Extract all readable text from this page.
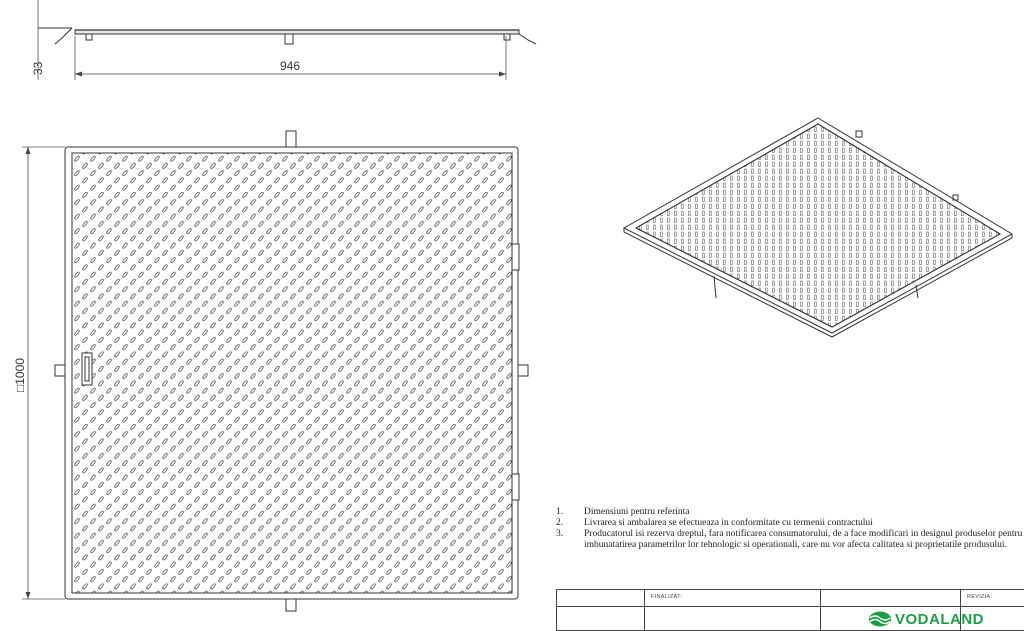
946
33
□1000
1. Dimensiuni pentru referinta
2. Livrarea si ambalarea se efectueaza in conformitate cu termenii contractului
3. Producatorul isi rezerva dreptul, fara notificarea consumatorului, de a face modificari in designul produselor pentru imbunatatirea parametrilor lor tehnologic si operationali, care nu vor afecta calitatea si proprietatile produsului.
FINALIZAT:	REVIZIA:
VODALAND
